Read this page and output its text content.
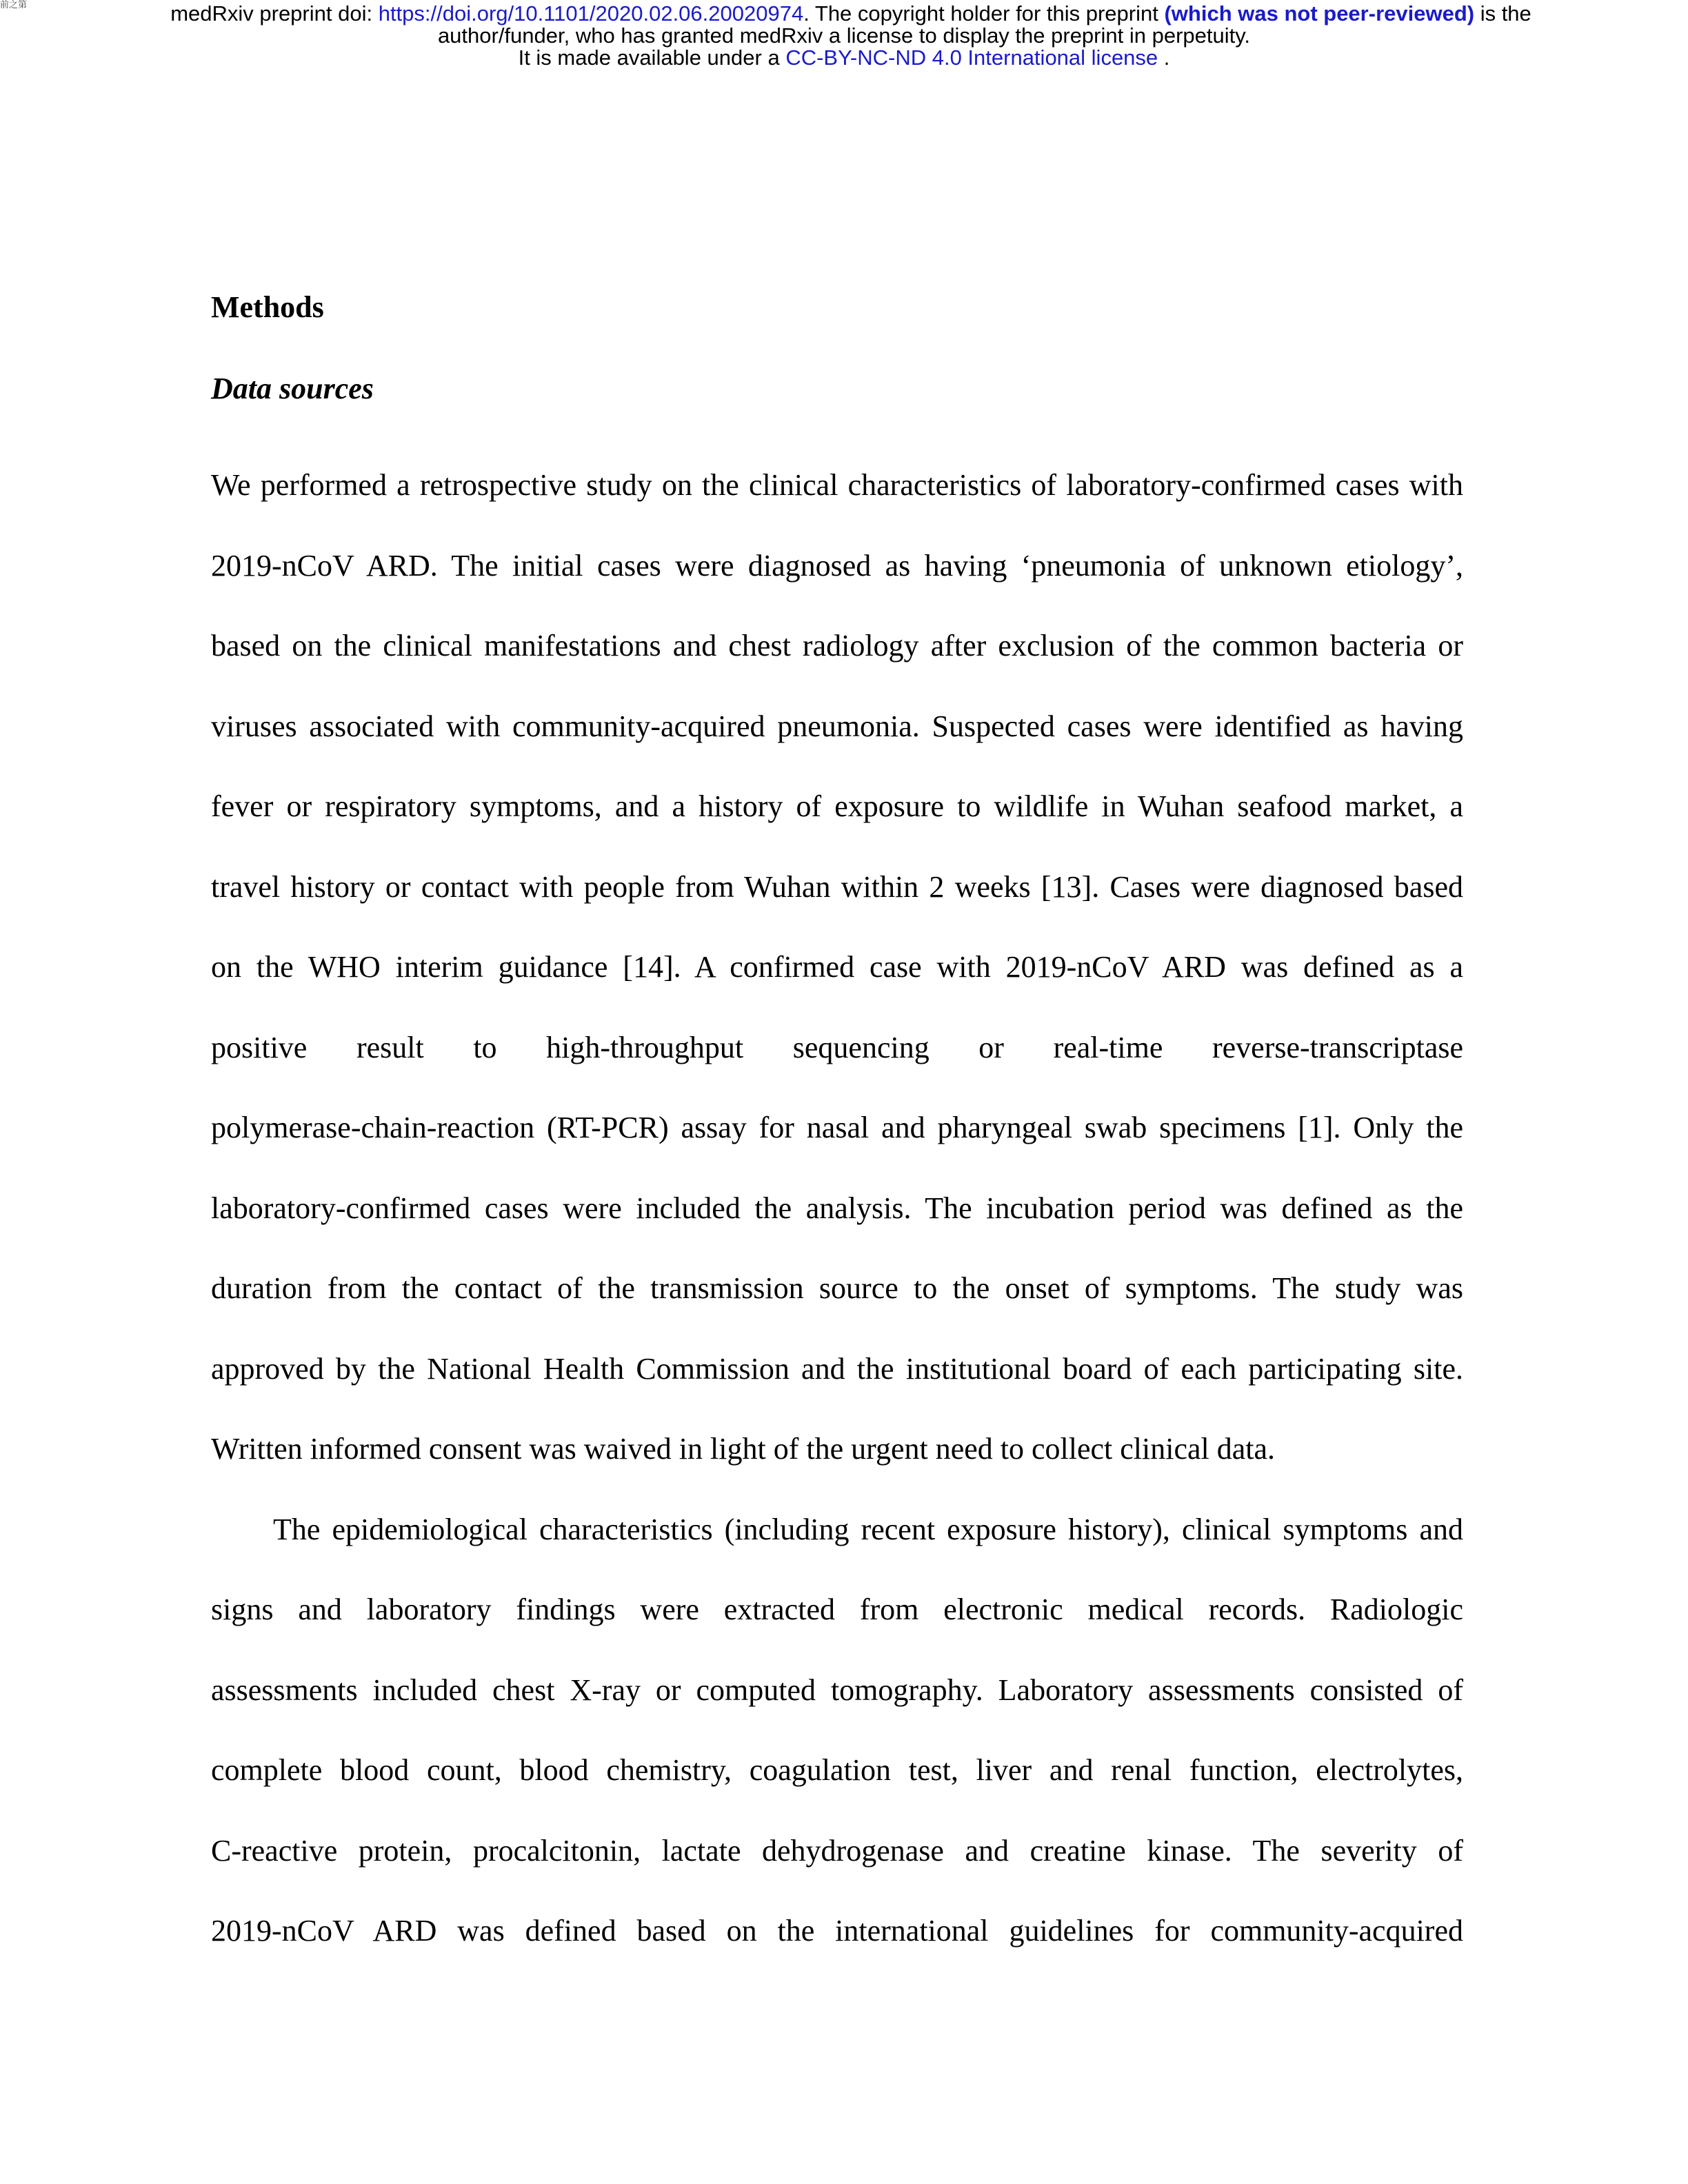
前之第	medRxiv preprint doi: https://doi.org/10.1101/2020.02.06.20020974. The copyright holder for this preprint (which was not peer-reviewed) is the
author/funder, who has granted medRxiv a license to display the preprint in perpetuity.
It is made available under a CC-BY-NC-ND 4.0 International license .
Methods
Data sources
We performed a retrospective study on the clinical characteristics of laboratory-confirmed cases with
2019-nCoV ARD. The initial cases were diagnosed as having ‘pneumonia of unknown etiology’,
based on the clinical manifestations and chest radiology after exclusion of the common bacteria or
viruses associated with community-acquired pneumonia. Suspected cases were identified as having
fever or respiratory symptoms, and a history of exposure to wildlife in Wuhan seafood market, a
travel history or contact with people from Wuhan within 2 weeks [13]. Cases were diagnosed based
on the WHO interim guidance [14]. A confirmed case with 2019-nCoV ARD was defined as a
positive result to high-throughput sequencing or real-time reverse-transcriptase
polymerase-chain-reaction (RT-PCR) assay for nasal and pharyngeal swab specimens [1]. Only the
laboratory-confirmed cases were included the analysis. The incubation period was defined as the
duration from the contact of the transmission source to the onset of symptoms. The study was
approved by the National Health Commission and the institutional board of each participating site.
Written informed consent was waived in light of the urgent need to collect clinical data.
The epidemiological characteristics (including recent exposure history), clinical symptoms and
signs and laboratory findings were extracted from electronic medical records. Radiologic
assessments included chest X-ray or computed tomography. Laboratory assessments consisted of
complete blood count, blood chemistry, coagulation test, liver and renal function, electrolytes,
C-reactive protein, procalcitonin, lactate dehydrogenase and creatine kinase. The severity of
2019-nCoV ARD was defined based on the international guidelines for community-acquired
